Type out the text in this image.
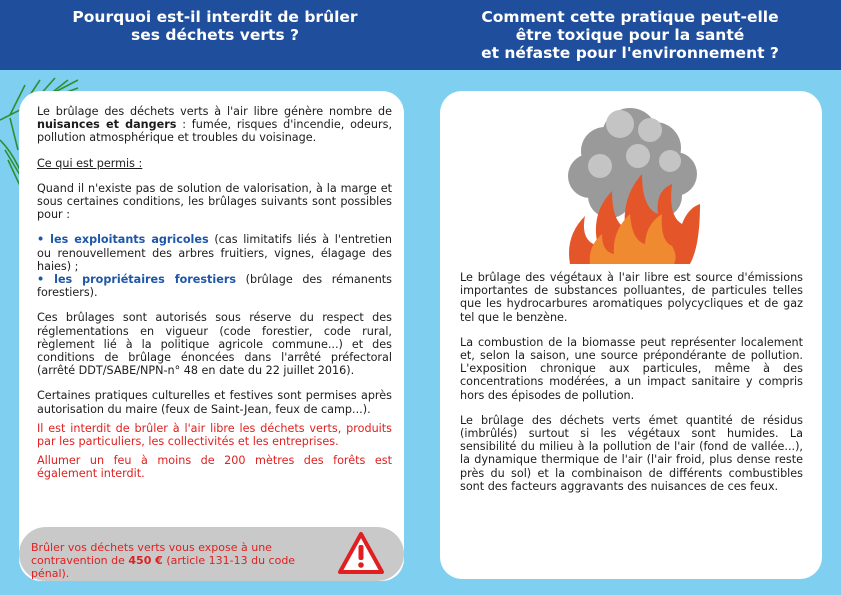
Pourquoi est-il interdit de brûler
ses déchets verts ?
Comment cette pratique peut-elle
être toxique pour la santé
et néfaste pour l'environnement ?

Le brûlage des déchets verts à l'air libre génère nombre de nuisances et dangers : fumée, risques d'incendie, odeurs, pollution atmosphérique et troubles du voisinage.

Ce qui est permis :

Quand il n'existe pas de solution de valorisation, à la marge et sous certaines conditions, les brûlages suivants sont possibles pour :

• les exploitants agricoles (cas limitatifs liés à l'entretien ou renouvellement des arbres fruitiers, vignes, élagage des haies) ;

• les propriétaires forestiers (brûlage des rémanents forestiers).

Ces brûlages sont autorisés sous réserve du respect des réglementations en vigueur (code forestier, code rural, règlement lié à la politique agricole commune...) et des conditions de brûlage énoncées dans l'arrêté préfectoral (arrêté DDT/SABE/NPN-n° 48 en date du 22 juillet 2016).

Certaines pratiques culturelles et festives sont permises après autorisation du maire (feux de Saint-Jean, feux de camp...).

Il est interdit de brûler à l'air libre les déchets verts, produits par les particuliers, les collectivités et les entreprises.

Allumer un feu à moins de 200 mètres des forêts est également interdit.

Brûler vos déchets verts vous expose à une contravention de 450 € (article 131-13 du code pénal).

Le brûlage des végétaux à l'air libre est source d'émissions importantes de substances polluantes, de particules telles que les hydrocarbures aromatiques polycycliques et de gaz tel que le benzène.

La combustion de la biomasse peut représenter localement et, selon la saison, une source prépondérante de pollution. L'exposition chronique aux particules, même à des concentrations modérées, a un impact sanitaire y compris hors des épisodes de pollution.

Le brûlage des déchets verts émet quantité de résidus (imbrûlés) surtout si les végétaux sont humides. La sensibilité du milieu à la pollution de l'air (fond de vallée...), la dynamique thermique de l'air (l'air froid, plus dense reste près du sol) et la combinaison de différents combustibles sont des facteurs aggravants des nuisances de ces feux.
